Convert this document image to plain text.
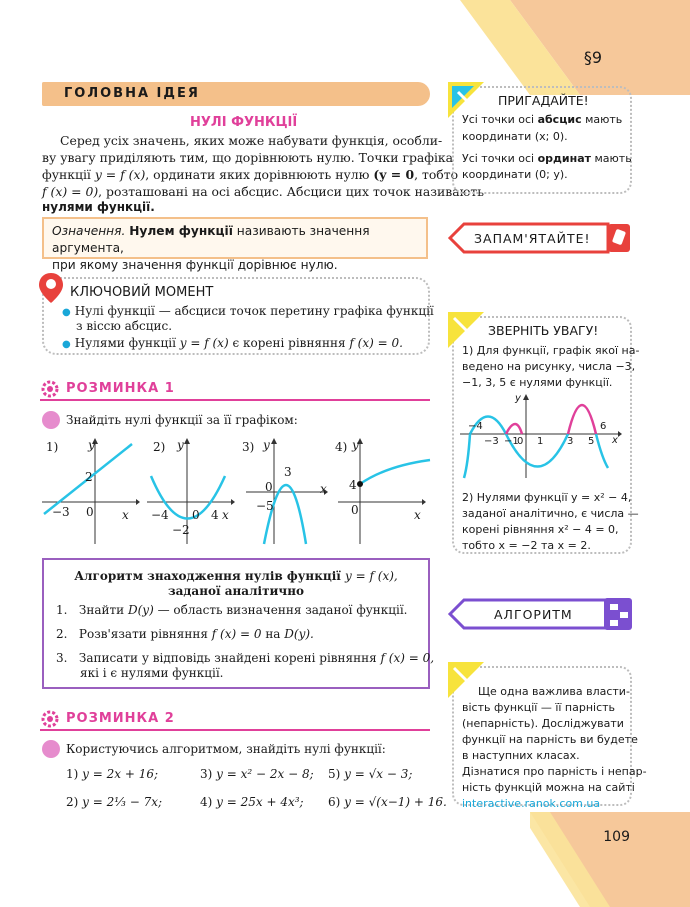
§9
ГОЛОВНА ІДЕЯ
НУЛІ ФУНКЦІЇ
Серед усіх значень, яких може набувати функція, особли-
ву увагу приділяють тим, що дорівнюють нулю. Точки графіка
функції y = f (x), ординати яких дорівнюють нулю (y = 0, тобто
f (x) = 0), розташовані на осі абсцис. Абсциси цих точок називають
нулями функції.
Означення. Нулем функції називають значення аргумента,
при якому значення функції дорівнює нулю.
КЛЮЧОВИЙ МОМЕНТ
● Нулі функції — абсциси точок перетину графіка функції
з віссю абсцис.
● Нулями функції y = f (x) є корені рівняння f (x) = 0.
РОЗМИНКА 1
Знайдіть нулі функції за її графіком:
1) y
x
0
2
−3
2) y
x
0
−4	4
−2
3) y
x
0
3
−5
4) y
x
0
4
Алгоритм знаходження нулів функції y = f (x),
заданої аналітично
1. Знайти D(y) — область визначення заданої функції.
2. Розв'язати рівняння f (x) = 0 на D(y).
3. Записати у відповідь знайдені корені рівняння f (x) = 0,
які і є нулями функції.
РОЗМИНКА 2
Користуючись алгоритмом, знайдіть нулі функції:
1) y = 2x + 16;	3) y = x² − 2x − 8; 5) y = √x − 3;
2) y = 2⅓ − 7x;	4) y = 25x + 4x³; 6) y = √(x−1) + 16.
ПРИГАДАЙТЕ!
Усі точки осі абсцис мають
координати (x; 0).
Усі точки осі ординат мають
координати (0; y).
ЗАПАМ'ЯТАЙТЕ!
ЗВЕРНІТЬ УВАГУ!
1) Для функції, графік якої на-
ведено на рисунку, числа −3,
−1, 3, 5 є нулями функції.
y
x
−4
−3 −1
0 1 3 5
6
2) Нулями функції y = x² − 4,
заданої аналітично, є числа —
корені рівняння x² − 4 = 0,
тобто x = −2 та x = 2.
АЛГОРИТМ
Ще одна важлива власти-
вість функції — її парність
(непарність). Досліджувати
функції на парність ви будете
в наступних класах.
Дізнатися про парність і непар-
ність функцій можна на сайті
interactive.ranok.com.ua
109
